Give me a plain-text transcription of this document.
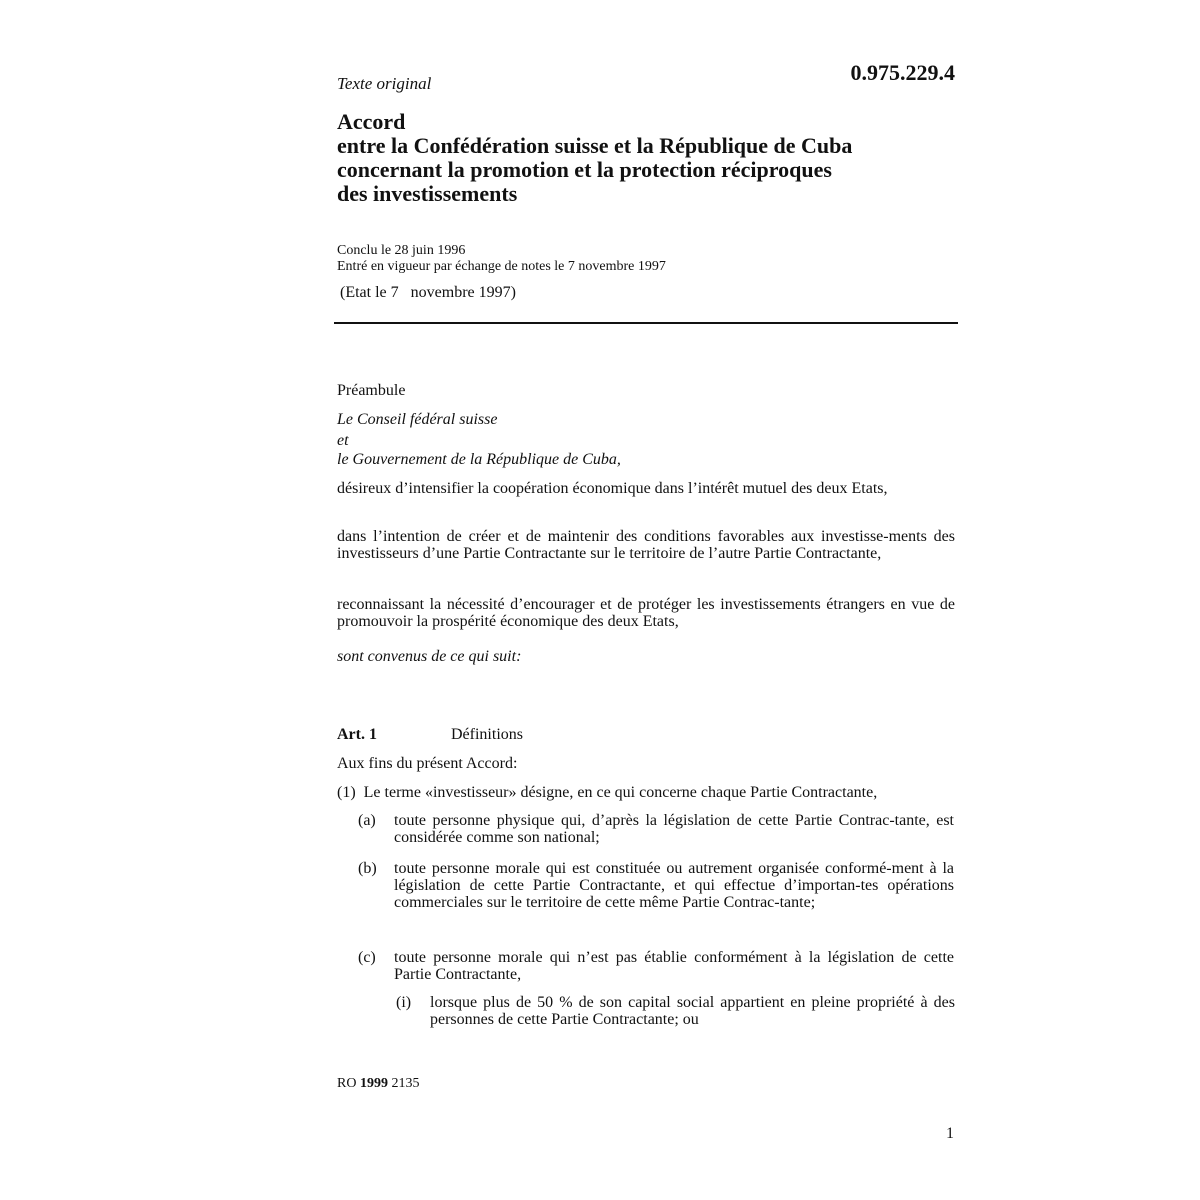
Texte original	0.975.229.4
Accord
entre la Confédération suisse et la République de Cuba
concernant la promotion et la protection réciproques
des investissements
Conclu le 28 juin 1996
Entré en vigueur par échange de notes le 7 novembre 1997
(Etat le 7   novembre 1997)
Préambule
Le Conseil fédéral suisse
et
le Gouvernement de la République de Cuba,
désireux d’intensifier la coopération économique dans l’intérêt mutuel des deux Etats,
dans l’intention de créer et de maintenir des conditions favorables aux investisse-ments des investisseurs d’une Partie Contractante sur le territoire de l’autre Partie Contractante,
reconnaissant la nécessité d’encourager et de protéger les investissements étrangers en vue de promouvoir la prospérité économique des deux Etats,
sont convenus de ce qui suit:
Art. 1	Définitions
Aux fins du présent Accord:
(1)  Le terme «investisseur» désigne, en ce qui concerne chaque Partie Contractante,
(a) toute personne physique qui, d’après la législation de cette Partie Contrac-tante, est considérée comme son national;
(b) toute personne morale qui est constituée ou autrement organisée conformé-ment à la législation de cette Partie Contractante, et qui effectue d’importan-tes opérations commerciales sur le territoire de cette même Partie Contrac-tante;
(c) toute personne morale qui n’est pas établie conformément à la législation de cette Partie Contractante,
(i) lorsque plus de 50 % de son capital social appartient en pleine propriété à des personnes de cette Partie Contractante; ou
RO 1999 2135
1
